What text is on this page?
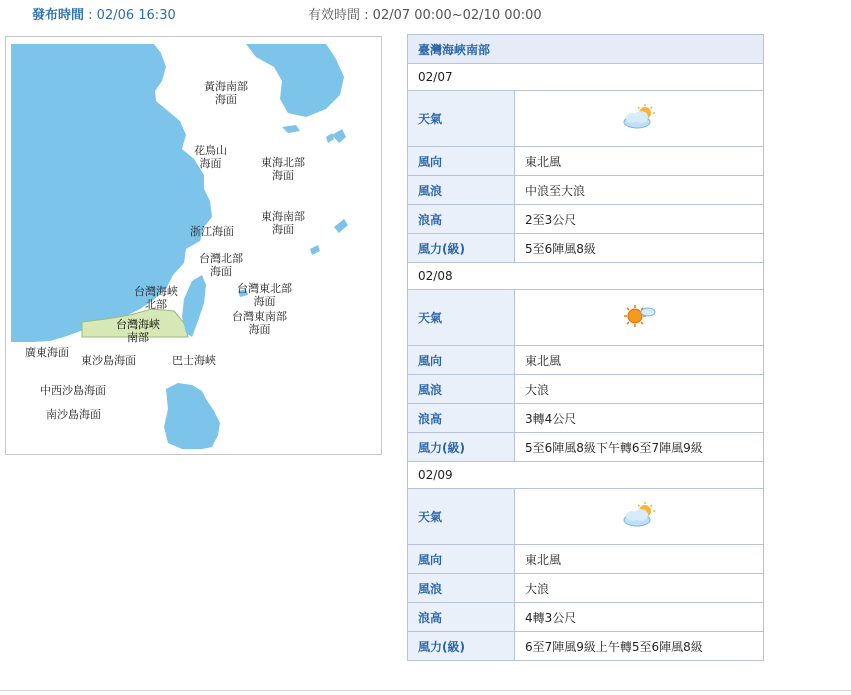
發布時間 : 02/06 16:30	有效時間 : 02/07 00:00~02/10 00:00
黃海南部
海面
花鳥山
海面	東海北部
海面
東海南部
海面
浙江海面
台灣北部
海面
台灣海峽
北部
台灣海峽
南部
台灣東北部
海面
台灣東南部
海面
廣東海面
東沙島海面	巴士海峽
中西沙島海面
南沙島海面
臺灣海峽南部	
02/07	
天氣	
風向	東北風
風浪	中浪至大浪
浪高	2至3公尺
風力(級)	5至6陣風8級
02/08	
天氣	
風向	東北風
風浪	大浪
浪高	3轉4公尺
風力(級)	5至6陣風8級下午轉6至7陣風9級
02/09	
天氣	
風向	東北風
風浪	大浪
浪高	4轉3公尺
風力(級)	6至7陣風9級上午轉5至6陣風8級
